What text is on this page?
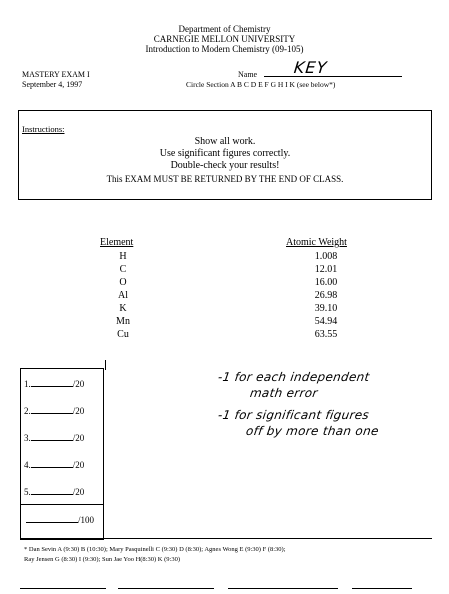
Department of Chemistry
CARNEGIE MELLON UNIVERSITY
Introduction to Modern Chemistry (09-105)
MASTERY EXAM I
September 4, 1997
Name KEY
Circle Section A B C D E F G H I K (see below*)
Instructions:
Show all work.
Use significant figures correctly.
Double-check your results!
This EXAM MUST BE RETURNED BY THE END OF CLASS.
Element	Atomic Weight
H	1.008
C	12.01
O	16.00
Al	26.98
K	39.10
Mn	54.94
Cu	63.55
1.	/20
2.	/20
3.	/20
4.	/20
5.	/20
/100
-1 for each independent
math error
-1 for significant figures
off by more than one
* Dan Sevin A (9:30) B (10:30); Mary Pasquinelli C (9:30) D (8:30); Agnes Wong E (9:30) F (8:30);
Ray Jensen G (8:30) I (9:30); Sun Jae Yoo H(8:30) K (9:30)
